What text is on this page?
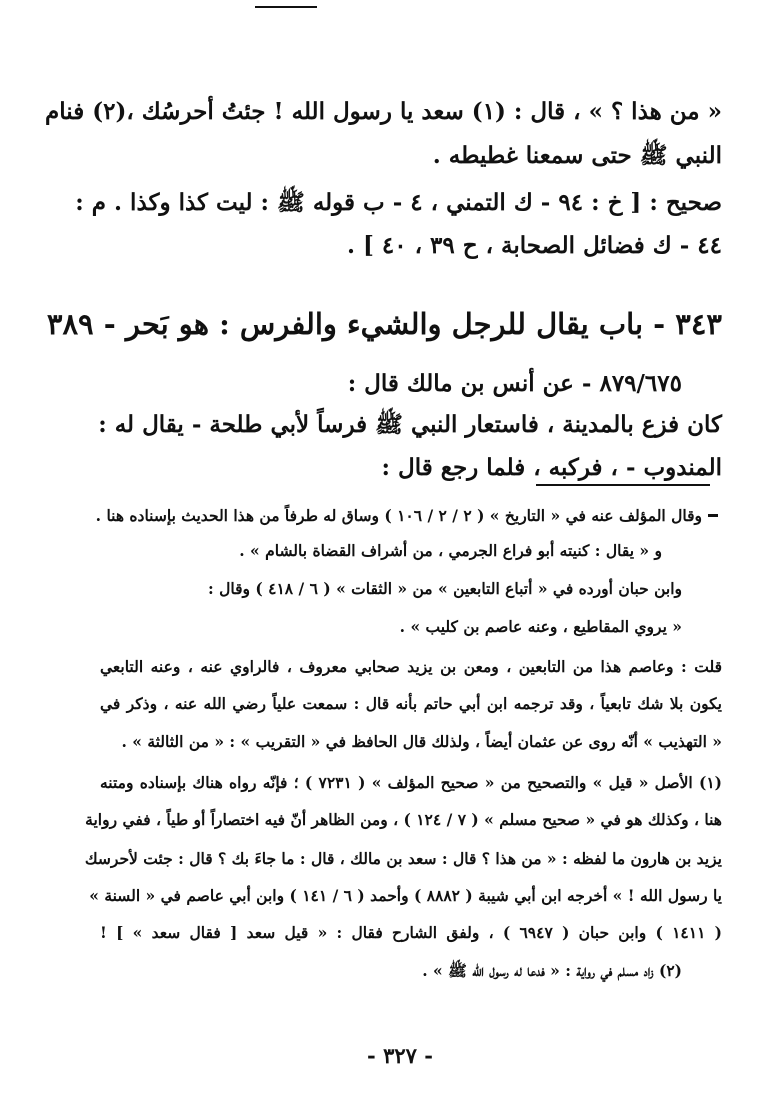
« من هذا ؟ » ، قال : (١) سعد يا رسول الله ! جئتُ أحرسُك ،(٢) فنام
النبي ﷺ حتى سمعنا غطيطه .
صحيح : [ خ : ٩٤ - ك التمني ، ٤ - ب قوله ﷺ : ليت كذا وكذا . م :
٤٤ - ك فضائل الصحابة ، ح ٣٩ ، ٤٠ ] .
٣٤٣ - باب يقال للرجل والشيء والفرس : هو بَحر - ٣٨٩
٨٧٩/٦٧٥ - عن أنس بن مالك قال :
كان فزع بالمدينة ، فاستعار النبي ﷺ فرساً لأبي طلحة - يقال له :
المندوب - ، فركبه ، فلما رجع قال :
وقال المؤلف عنه في « التاريخ » ( ٢ / ٢ / ١٠٦ ) وساق له طرفاً من هذا الحديث بإسناده هنا .
و « يقال : كنيته أبو فراع الجرمي ، من أشراف القضاة بالشام » .
وابن حبان أورده في « أتباع التابعين » من « الثقات » ( ٦ / ٤١٨ ) وقال :
« يروي المقاطيع ، وعنه عاصم بن كليب » .
قلت : وعاصم هذا من التابعين ، ومعن بن يزيد صحابي معروف ، فالراوي عنه ، وعنه التابعي
يكون بلا شك تابعياً ، وقد ترجمه ابن أبي حاتم بأنه قال : سمعت علياً رضي الله عنه ، وذكر في
« التهذيب » أنّه روى عن عثمان أيضاً ، ولذلك قال الحافظ في « التقريب » : « من الثالثة » .
(١) الأصل « قيل » والتصحيح من « صحيح المؤلف » ( ٧٢٣١ ) ؛ فإنّه رواه هناك بإسناده ومتنه
هنا ، وكذلك هو في « صحيح مسلم » ( ٧ / ١٢٤ ) ، ومن الظاهر أنّ فيه اختصاراً أو طياً ، ففي رواية
يزيد بن هارون ما لفظه : « من هذا ؟ قال : سعد بن مالك ، قال : ما جاءَ بك ؟ قال : جئت لأحرسك
يا رسول الله ! » أخرجه ابن أبي شيبة ( ٨٨٨٢ ) وأحمد ( ٦ / ١٤١ ) وابن أبي عاصم في « السنة »
( ١٤١١ ) وابن حبان ( ٦٩٤٧ ) ، ولفق الشارح فقال : « قيل سعد [ فقال سعد » ] !
(٢) زاد مسلم في رواية : « فدعا له رسول الله ﷺ » .
- ٣٢٧ -
